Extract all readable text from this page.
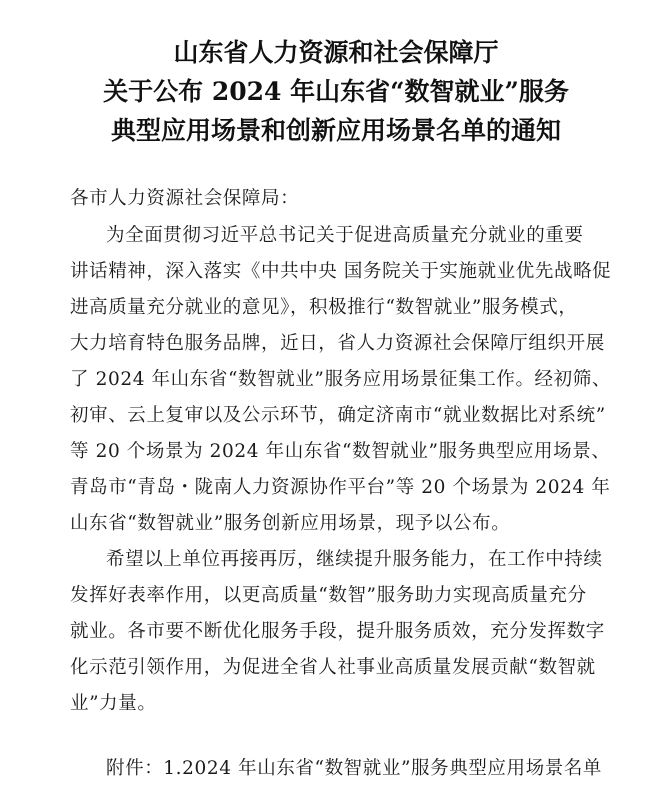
山东省人力资源和社会保障厅
关于公布 2024 年山东省“数智就业”服务
典型应用场景和创新应用场景名单的通知
各市人力资源社会保障局：
为全面贯彻习近平总书记关于促进高质量充分就业的重要
讲话精神，深入落实《中共中央 国务院关于实施就业优先战略促
进高质量充分就业的意见》，积极推行“数智就业”服务模式，
大力培育特色服务品牌，近日，省人力资源社会保障厅组织开展
了 2024 年山东省“数智就业”服务应用场景征集工作。经初筛、
初审、云上复审以及公示环节，确定济南市“就业数据比对系统”
等 20 个场景为 2024 年山东省“数智就业”服务典型应用场景、
青岛市“青岛・陇南人力资源协作平台”等 20 个场景为 2024 年
山东省“数智就业”服务创新应用场景，现予以公布。
希望以上单位再接再厉，继续提升服务能力，在工作中持续
发挥好表率作用，以更高质量“数智”服务助力实现高质量充分
就业。各市要不断优化服务手段，提升服务质效，充分发挥数字
化示范引领作用，为促进全省人社事业高质量发展贡献“数智就
业”力量。
附件：1.2024 年山东省“数智就业”服务典型应用场景名单
